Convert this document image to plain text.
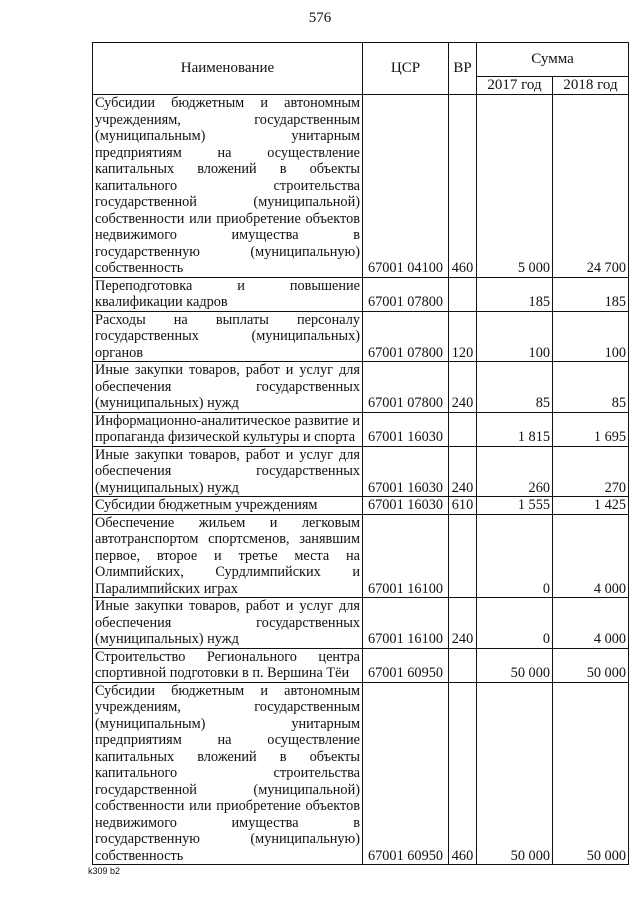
576
Наименование	ЦСР	ВР	Сумма	
			2017 год	2018 год
Субсидии бюджетным и автономным учреждениям, государственным (муниципальным) унитарным предприятиям на осуществление капитальных вложений в объекты капитального строительства государственной (муниципальной) собственности или приобретение объектов недвижимого имущества в государственную (муниципальную) собственность	67001 04100	460	5 000	24 700
Переподготовка и повышение квалификации кадров	67001 07800		185	185
Расходы на выплаты персоналу государственных (муниципальных) органов	67001 07800	120	100	100
Иные закупки товаров, работ и услуг для обеспечения государственных (муниципальных) нужд	67001 07800	240	85	85
Информационно-аналитическое развитие и пропаганда физической культуры и спорта	67001 16030		1 815	1 695
Иные закупки товаров, работ и услуг для обеспечения государственных (муниципальных) нужд	67001 16030	240	260	270
Субсидии бюджетным учреждениям	67001 16030	610	1 555	1 425
Обеспечение жильем и легковым автотранспортом спортсменов, занявшим первое, второе и третье места на Олимпийских, Сурдлимпийских и Паралимпийских играх	67001 16100		0	4 000
Иные закупки товаров, работ и услуг для обеспечения государственных (муниципальных) нужд	67001 16100	240	0	4 000
Строительство Регионального центра спортивной подготовки в п. Вершина Тёи	67001 60950		50 000	50 000
Субсидии бюджетным и автономным учреждениям, государственным (муниципальным) унитарным предприятиям на осуществление капитальных вложений в объекты капитального строительства государственной (муниципальной) собственности или приобретение объектов недвижимого имущества в государственную (муниципальную) собственность	67001 60950	460	50 000	50 000
k309 b2
